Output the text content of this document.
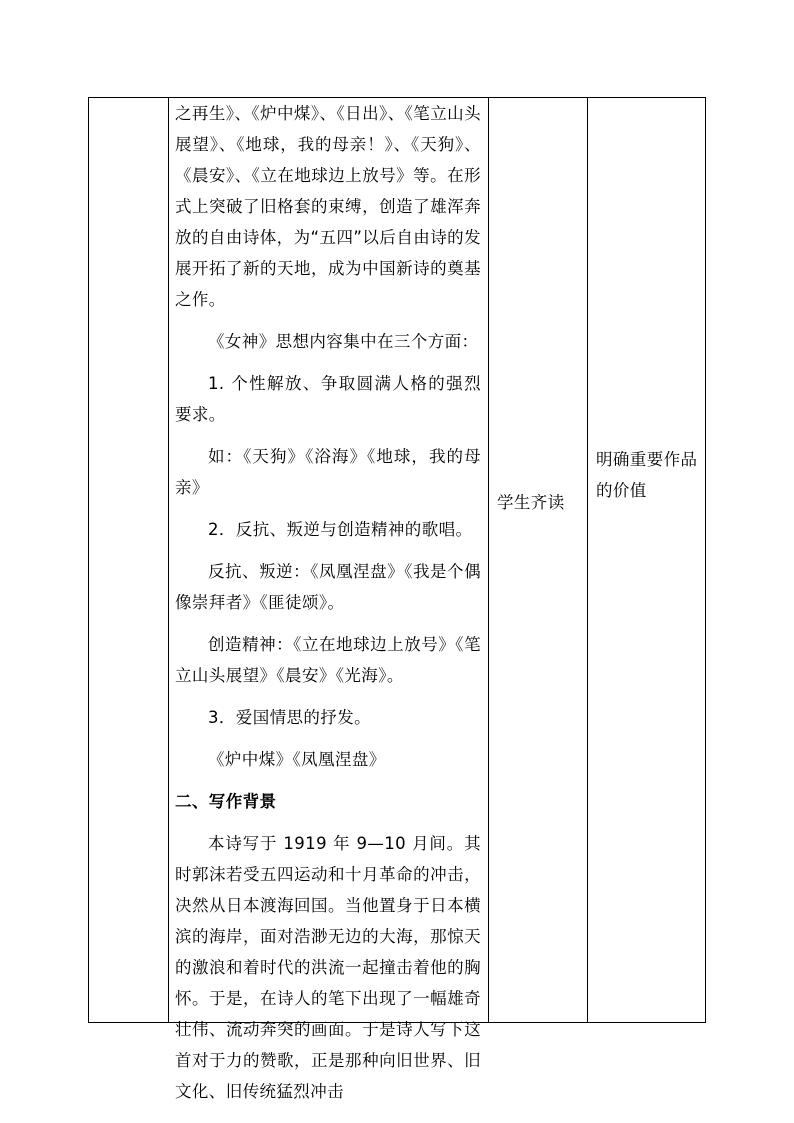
之再生》、《炉中煤》、《日出》、《笔立山头展望》、《地球，我的母亲！》、《天狗》、《晨安》、《立在地球边上放号》等。在形式上突破了旧格套的束缚，创造了雄浑奔放的自由诗体，为“五四”以后自由诗的发展开拓了新的天地，成为中国新诗的奠基之作。

《女神》思想内容集中在三个方面：

1. 个性解放、争取圆满人格的强烈要求。

如：《天狗》《浴海》《地球，我的母亲》

2．反抗、叛逆与创造精神的歌唱。

反抗、叛逆：《凤凰涅盘》《我是个偶像崇拜者》《匪徒颂》。

创造精神：《立在地球边上放号》《笔立山头展望》《晨安》《光海》。

3．爱国情思的抒发。

《炉中煤》《凤凰涅盘》

二、写作背景

本诗写于 1919 年 9—10 月间。其时郭沫若受五四运动和十月革命的冲击，决然从日本渡海回国。当他置身于日本横滨的海岸，面对浩渺无边的大海，那惊天的激浪和着时代的洪流一起撞击着他的胸怀。于是，在诗人的笔下出现了一幅雄奇壮伟、流动奔突的画面。于是诗人写下这首对于力的赞歌，正是那种向旧世界、旧文化、旧传统猛烈冲击

学生齐读
明确重要作品的价值
